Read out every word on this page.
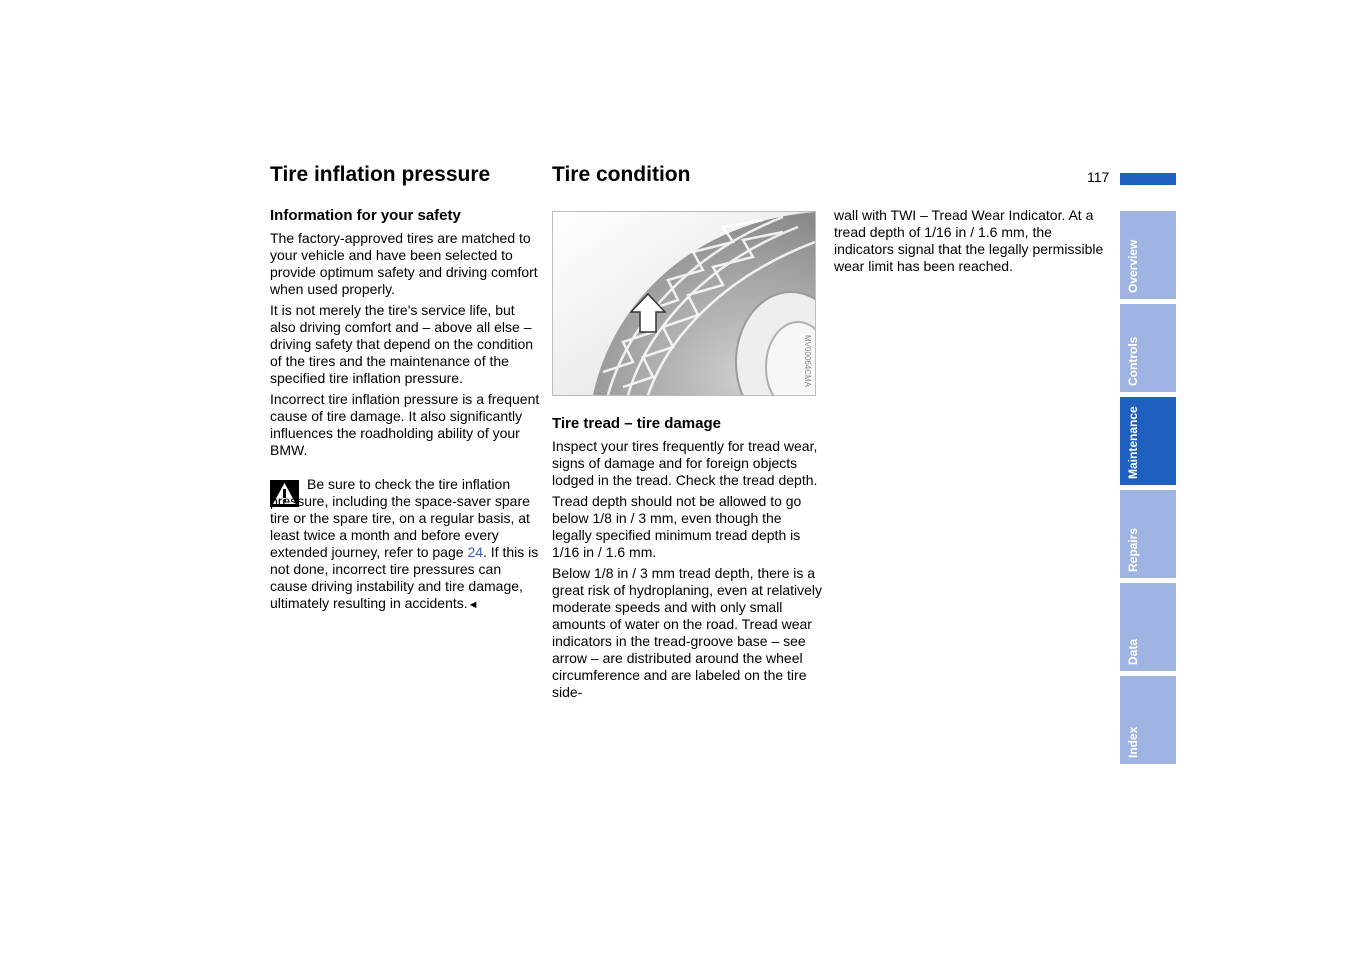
117
Overview
Controls
Maintenance
Repairs
Data
Index
Tire inflation pressure
Information for your safety

The factory-approved tires are matched to your vehicle and have been selected to provide optimum safety and driving comfort when used properly.

It is not merely the tire's service life, but also driving comfort and – above all else – driving safety that depend on the condition of the tires and the maintenance of the specified tire inflation pressure.

Incorrect tire inflation pressure is a frequent cause of tire damage. It also significantly influences the roadholding ability of your BMW.

Be sure to check the tire inflation pressure, including the space-saver spare tire or the spare tire, on a regular basis, at least twice a month and before every extended journey, refer to page 24. If this is not done, incorrect tire pressures can cause driving instability and tire damage, ultimately resulting in accidents.◄
Tire condition
MV00064CMA
Tire tread – tire damage

Inspect your tires frequently for tread wear, signs of damage and for foreign objects lodged in the tread. Check the tread depth.

Tread depth should not be allowed to go below 1/8 in / 3 mm, even though the legally specified minimum tread depth is 1/16 in / 1.6 mm.

Below 1/8 in / 3 mm tread depth, there is a great risk of hydroplaning, even at relatively moderate speeds and with only small amounts of water on the road. Tread wear indicators in the tread-groove base – see arrow – are distributed around the wheel circumference and are labeled on the tire side-

wall with TWI – Tread Wear Indicator. At a tread depth of 1/16 in / 1.6 mm, the indicators signal that the legally permissible wear limit has been reached.
